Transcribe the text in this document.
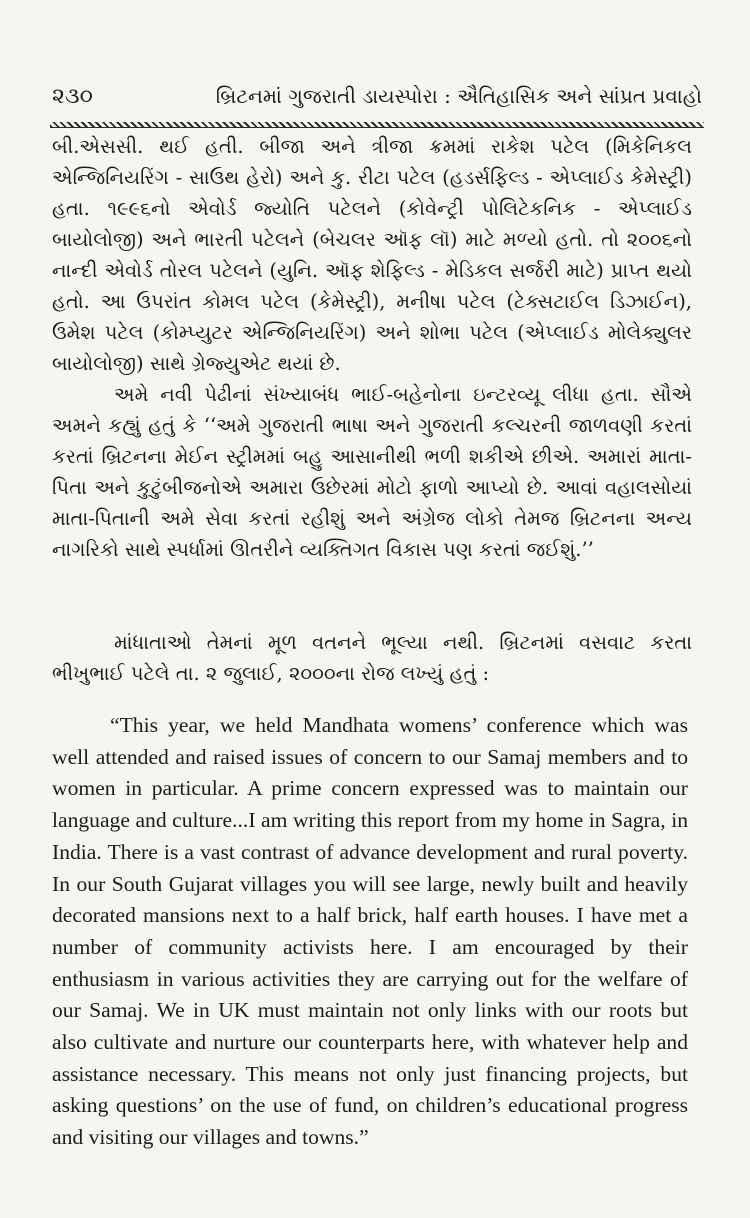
૨૩૦	બ્રિટનમાં ગુજરાતી ડાયસ્પોરા : ઐતિહાસિક અને સાંપ્રત પ્રવાહો

બી.એસસી. થઈ હતી. બીજા અને ત્રીજા ક્રમમાં રાકેશ પટેલ (મિકેનિકલ એન્જિનિયરિંગ - સાઉથ હેરો) અને કુ. રીટા પટેલ (હડર્સફિલ્ડ - એપ્લાઈડ કેમેસ્ટ્રી) હતા. ૧૯૯૬નો એવોર્ડ જ્યોતિ પટેલને (કોવેન્ટ્રી પોલિટેકનિક - એપ્લાઈડ બાયોલોજી) અને ભારતી પટેલને (બેચલર ઑફ લૉ) માટે મળ્યો હતો. તો ૨૦૦૬નો નાન્દી એવોર્ડ તોરલ પટેલને (યુનિ. ઑફ શેફિલ્ડ - મેડિકલ સર્જરી માટે) પ્રાપ્ત થયો હતો. આ ઉપરાંત કોમલ પટેલ (કેમેસ્ટ્રી), મનીષા પટેલ (ટેક્સટાઈલ ડિઝાઈન), ઉમેશ પટેલ (કોમ્પ્યુટર એન્જિનિયરિંગ) અને શોભા પટેલ (એપ્લાઈડ મોલેક્યુલર બાયોલોજી) સાથે ગ્રેજ્યુએટ થયાં છે.

અમે નવી પેઢીનાં સંખ્યાબંધ ભાઈ-બહેનોના ઇન્ટરવ્યૂ લીધા હતા. સૌએ અમને કહ્યું હતું કે ‘‘અમે ગુજરાતી ભાષા અને ગુજરાતી કલ્ચરની જાળવણી કરતાં કરતાં બ્રિટનના મેઈન સ્ટ્રીમમાં બહુ આસાનીથી ભળી શકીએ છીએ. અમારાં માતા-પિતા અને કુટુંબીજનોએ અમારા ઉછેરમાં મોટો ફાળો આપ્યો છે. આવાં વહાલસોયાં માતા-પિતાની અમે સેવા કરતાં રહીશું અને અંગ્રેજ લોકો તેમજ બ્રિટનના અન્ય નાગરિકો સાથે સ્પર્ધામાં ઊતરીને વ્યક્તિગત વિકાસ પણ કરતાં જઈશું.’’

માંધાતાઓ તેમનાં મૂળ વતનને ભૂલ્યા નથી. બ્રિટનમાં વસવાટ કરતા ભીખુભાઈ પટેલે તા. ૨ જુલાઈ, ૨૦૦૦ના રોજ લખ્યું હતું :

“This year, we held Mandhata womens’ conference which was well attended and raised issues of concern to our Samaj members and to women in particular. A prime concern expressed was to maintain our language and culture...I am writing this report from my home in Sagra, in India. There is a vast contrast of advance development and rural poverty. In our South Gujarat villages you will see large, newly built and heavily decorated mansions next to a half brick, half earth houses. I have met a number of community activists here. I am encouraged by their enthusiasm in various activities they are carrying out for the welfare of our Samaj. We in UK must maintain not only links with our roots but also cultivate and nurture our counterparts here, with whatever help and assistance necessary. This means not only just financing projects, but asking questions’ on the use of fund, on children’s educational progress and visiting our villages and towns.”
